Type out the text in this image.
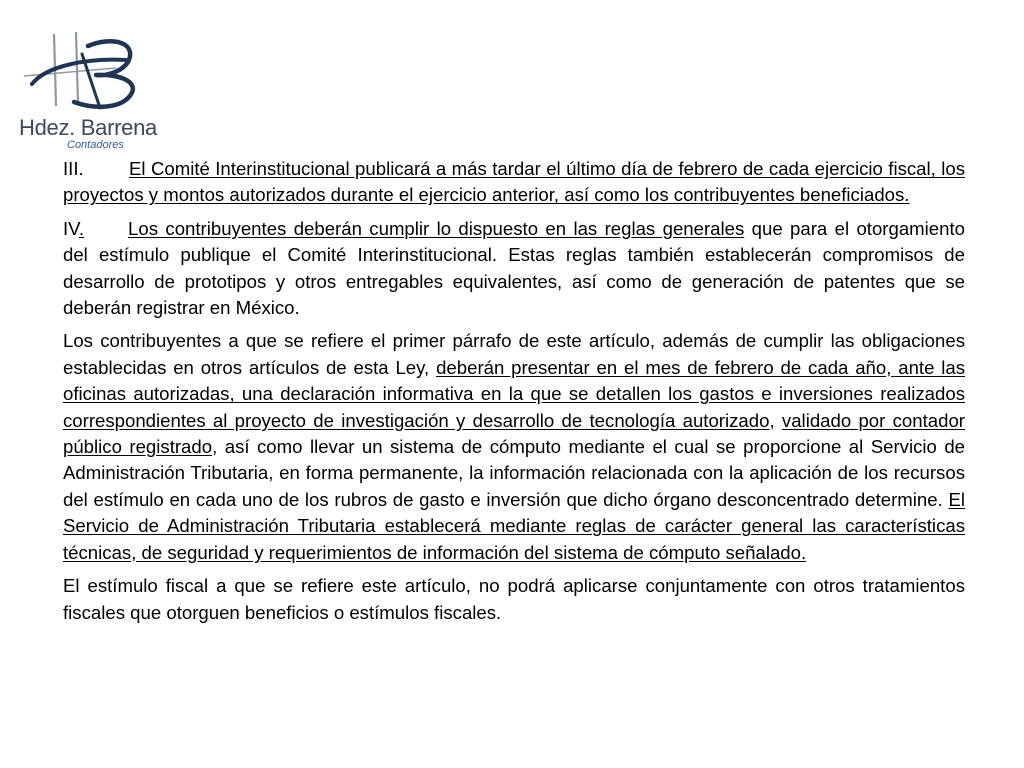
Hdez. Barrena
Contadores

III. El Comité Interinstitucional publicará a más tardar el último día de febrero de cada ejercicio fiscal, los proyectos y montos autorizados durante el ejercicio anterior, así como los contribuyentes beneficiados.

IV. Los contribuyentes deberán cumplir lo dispuesto en las reglas generales que para el otorgamiento del estímulo publique el Comité Interinstitucional. Estas reglas también establecerán compromisos de desarrollo de prototipos y otros entregables equivalentes, así como de generación de patentes que se deberán registrar en México.

Los contribuyentes a que se refiere el primer párrafo de este artículo, además de cumplir las obligaciones establecidas en otros artículos de esta Ley, deberán presentar en el mes de febrero de cada año, ante las oficinas autorizadas, una declaración informativa en la que se detallen los gastos e inversiones realizados correspondientes al proyecto de investigación y desarrollo de tecnología autorizado, validado por contador público registrado, así como llevar un sistema de cómputo mediante el cual se proporcione al Servicio de Administración Tributaria, en forma permanente, la información relacionada con la aplicación de los recursos del estímulo en cada uno de los rubros de gasto e inversión que dicho órgano desconcentrado determine. El Servicio de Administración Tributaria establecerá mediante reglas de carácter general las características técnicas, de seguridad y requerimientos de información del sistema de cómputo señalado.

El estímulo fiscal a que se refiere este artículo, no podrá aplicarse conjuntamente con otros tratamientos fiscales que otorguen beneficios o estímulos fiscales.
